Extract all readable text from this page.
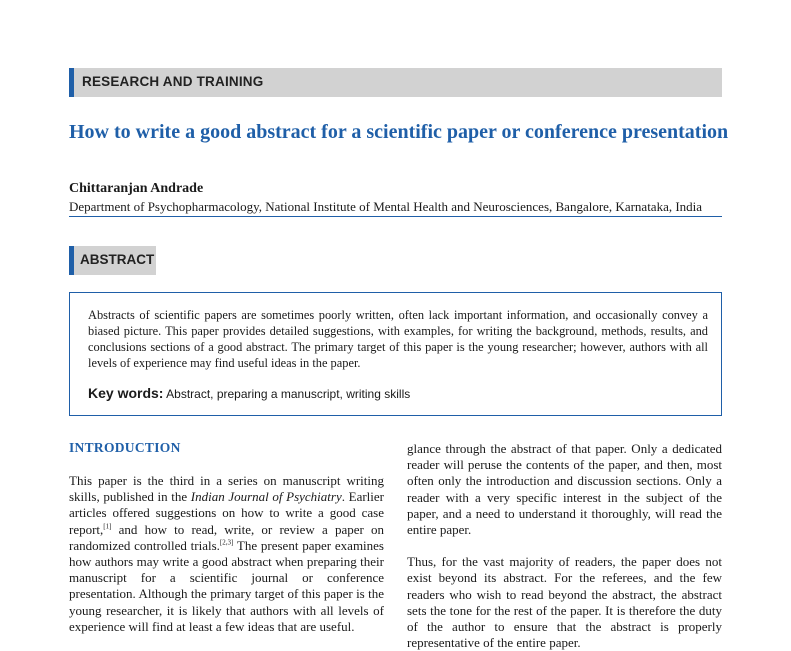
RESEARCH AND TRAINING
How to write a good abstract for a scientific paper or conference presentation
Chittaranjan Andrade
Department of Psychopharmacology, National Institute of Mental Health and Neurosciences, Bangalore, Karnataka, India
ABSTRACT

Abstracts of scientific papers are sometimes poorly written, often lack important information, and occasionally convey a biased picture. This paper provides detailed suggestions, with examples, for writing the background, methods, results, and conclusions sections of a good abstract. The primary target of this paper is the young researcher; however, authors with all levels of experience may find useful ideas in the paper.

Key words: Abstract, preparing a manuscript, writing skills
INTRODUCTION

This paper is the third in a series on manuscript writing skills, published in the Indian Journal of Psychiatry. Earlier articles offered suggestions on how to write a good case report,[1] and how to read, write, or review a paper on randomized controlled trials.[2,3] The present paper examines how authors may write a good abstract when preparing their manuscript for a scientific journal or conference presentation. Although the primary target of this paper is the young researcher, it is likely that authors with all levels of experience will find at least a few ideas that are useful.

glance through the abstract of that paper. Only a dedicated reader will peruse the contents of the paper, and then, most often only the introduction and discussion sections. Only a reader with a very specific interest in the subject of the paper, and a need to understand it thoroughly, will read the entire paper.

Thus, for the vast majority of readers, the paper does not exist beyond its abstract. For the referees, and the few readers who wish to read beyond the abstract, the abstract sets the tone for the rest of the paper. It is therefore the duty of the author to ensure that the abstract is properly representative of the entire paper.
